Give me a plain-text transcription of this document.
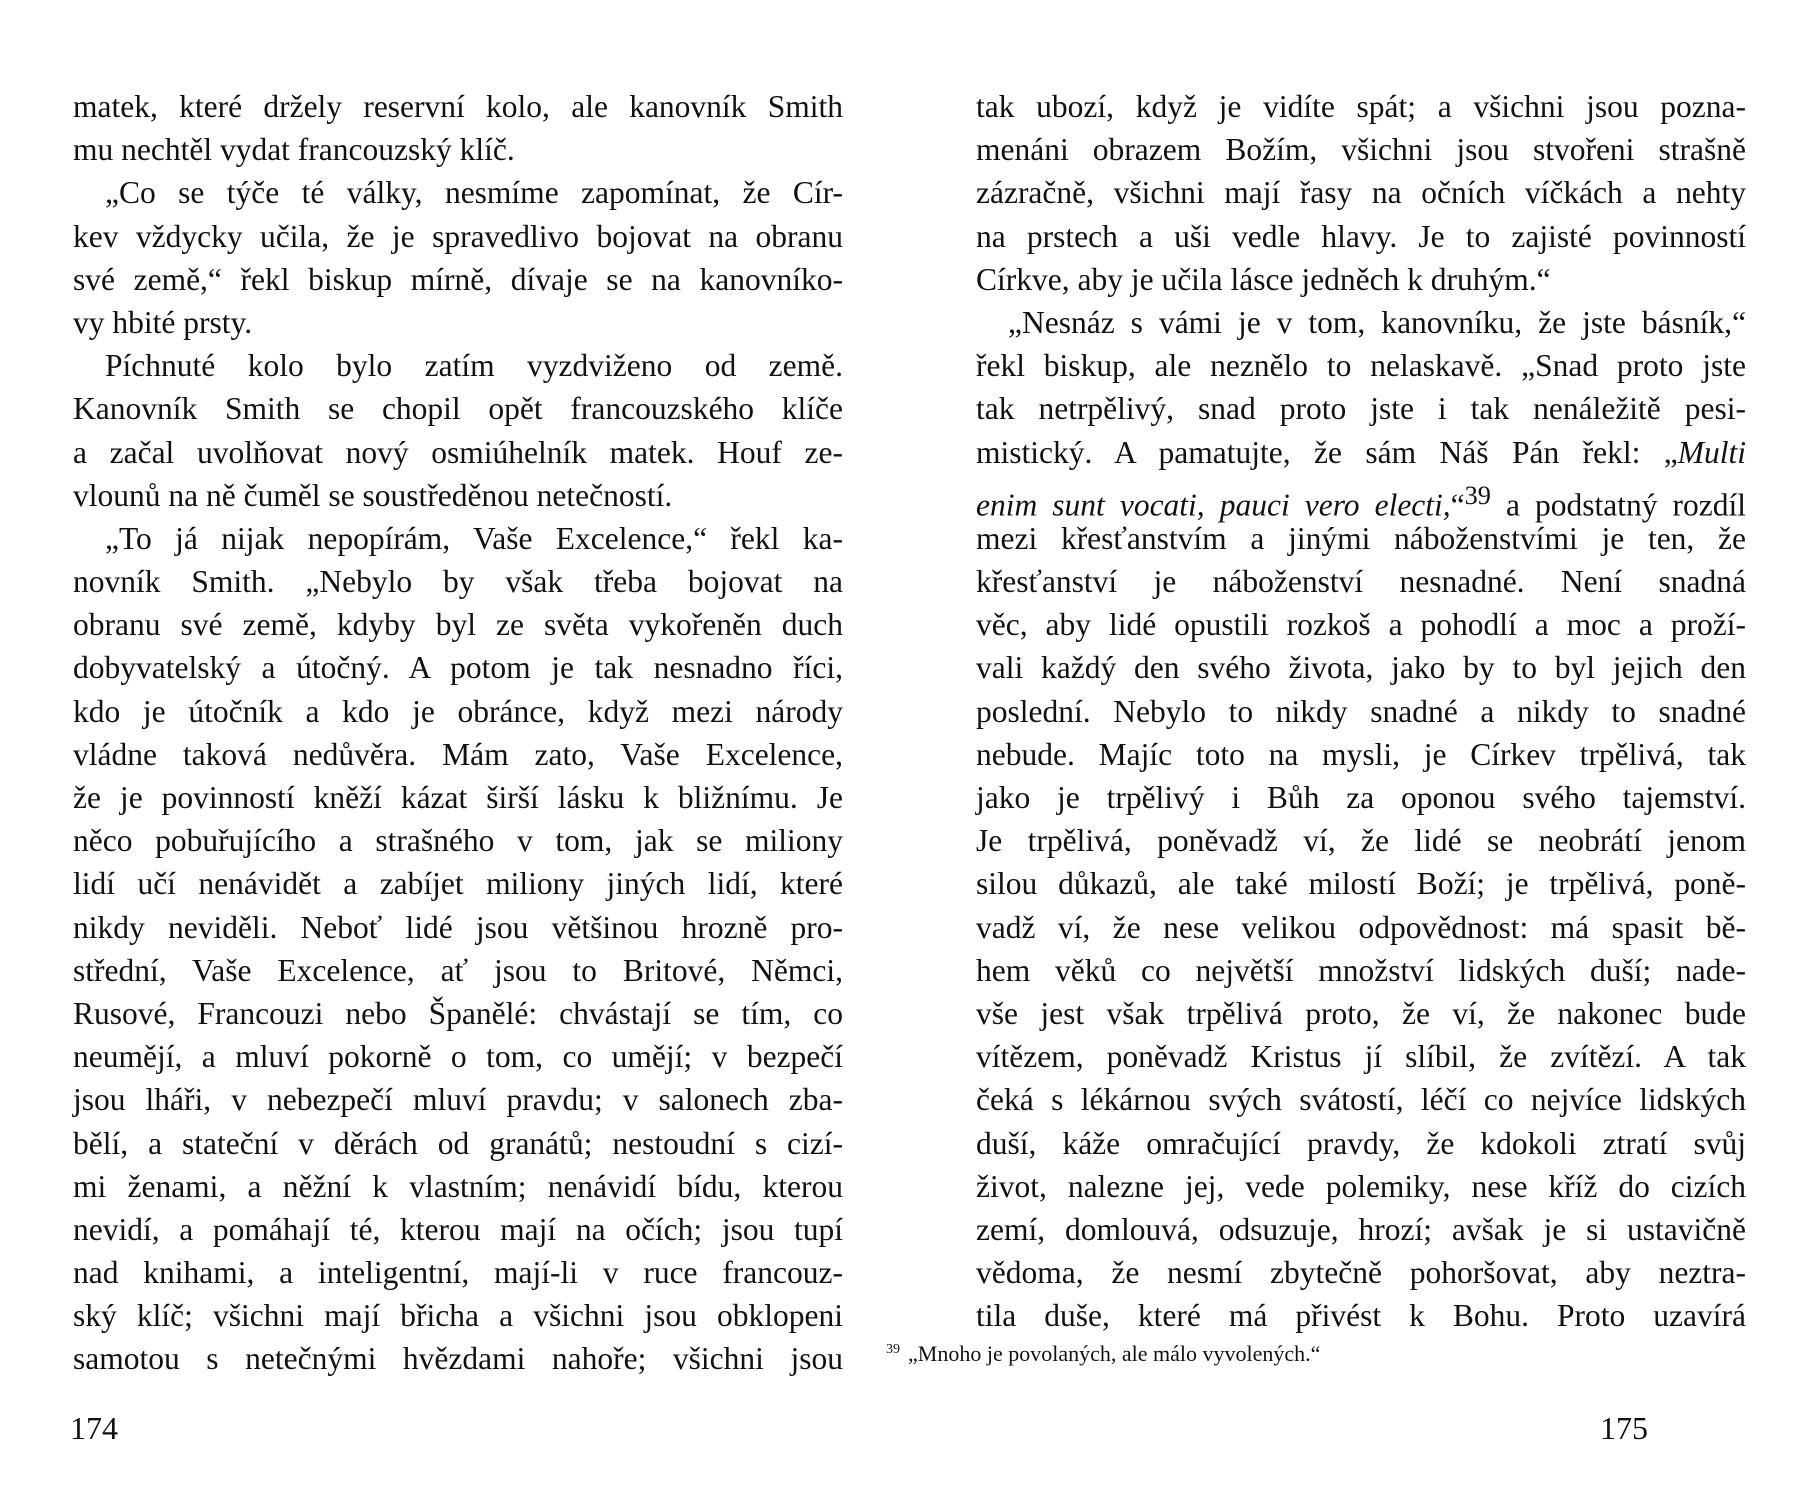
matek, které držely reservní kolo, ale kanovník Smith
mu nechtěl vydat francouzský klíč.
„Co se týče té války, nesmíme zapomínat, že Cír-
kev vždycky učila, že je spravedlivo bojovat na obranu
své země,“ řekl biskup mírně, dívaje se na kanovníko-
vy hbité prsty.
Píchnuté kolo bylo zatím vyzdviženo od země.
Kanovník Smith se chopil opět francouzského klíče
a začal uvolňovat nový osmiúhelník matek. Houf ze-
vlounů na ně čuměl se soustředěnou netečností.
„To já nijak nepopírám, Vaše Excelence,“ řekl ka-
novník Smith. „Nebylo by však třeba bojovat na
obranu své země, kdyby byl ze světa vykořeněn duch
dobyvatelský a útočný. A potom je tak nesnadno říci,
kdo je útočník a kdo je obránce, když mezi národy
vládne taková nedůvěra. Mám zato, Vaše Excelence,
že je povinností kněží kázat širší lásku k bližnímu. Je
něco pobuřujícího a strašného v tom, jak se miliony
lidí učí nenávidět a zabíjet miliony jiných lidí, které
nikdy neviděli. Neboť lidé jsou většinou hrozně pro-
střední, Vaše Excelence, ať jsou to Britové, Němci,
Rusové, Francouzi nebo Španělé: chvástají se tím, co
neumějí, a mluví pokorně o tom, co umějí; v bezpečí
jsou lháři, v nebezpečí mluví pravdu; v salonech zba-
bělí, a stateční v děrách od granátů; nestoudní s cizí-
mi ženami, a něžní k vlastním; nenávidí bídu, kterou
nevidí, a pomáhají té, kterou mají na očích; jsou tupí
nad knihami, a inteligentní, mají-li v ruce francouz-
ský klíč; všichni mají břicha a všichni jsou obklopeni
samotou s netečnými hvězdami nahoře; všichni jsou
174
tak ubozí, když je vidíte spát; a všichni jsou pozna-
menáni obrazem Božím, všichni jsou stvořeni strašně
zázračně, všichni mají řasy na očních víčkách a nehty
na prstech a uši vedle hlavy. Je to zajisté povinností
Církve, aby je učila lásce jedněch k druhým.“
„Nesnáz s vámi je v tom, kanovníku, že jste básník,“
řekl biskup, ale neznělo to nelaskavě. „Snad proto jste
tak netrpělivý, snad proto jste i tak nenáležitě pesi-
mistický. A pamatujte, že sám Náš Pán řekl: „Multi
enim sunt vocati, pauci vero electi,“$^{39}$ a podstatný rozdíl
mezi křesťanstvím a jinými náboženstvími je ten, že
křesťanství je náboženství nesnadné. Není snadná
věc, aby lidé opustili rozkoš a pohodlí a moc a proží-
vali každý den svého života, jako by to byl jejich den
poslední. Nebylo to nikdy snadné a nikdy to snadné
nebude. Majíc toto na mysli, je Církev trpělivá, tak
jako je trpělivý i Bůh za oponou svého tajemství.
Je trpělivá, poněvadž ví, že lidé se neobrátí jenom
silou důkazů, ale také milostí Boží; je trpělivá, poně-
vadž ví, že nese velikou odpovědnost: má spasit bě-
hem věků co největší množství lidských duší; nade-
vše jest však trpělivá proto, že ví, že nakonec bude
vítězem, poněvadž Kristus jí slíbil, že zvítězí. A tak
čeká s lékárnou svých svátostí, léčí co nejvíce lidských
duší, káže omračující pravdy, že kdokoli ztratí svůj
život, nalezne jej, vede polemiky, nese kříž do cizích
zemí, domlouvá, odsuzuje, hrozí; avšak je si ustavičně
vědoma, že nesmí zbytečně pohoršovat, aby neztra-
tila duše, které má přivést k Bohu. Proto uzavírá
175
$^{39}$ „Mnoho je povolaných, ale málo vyvolených.“
